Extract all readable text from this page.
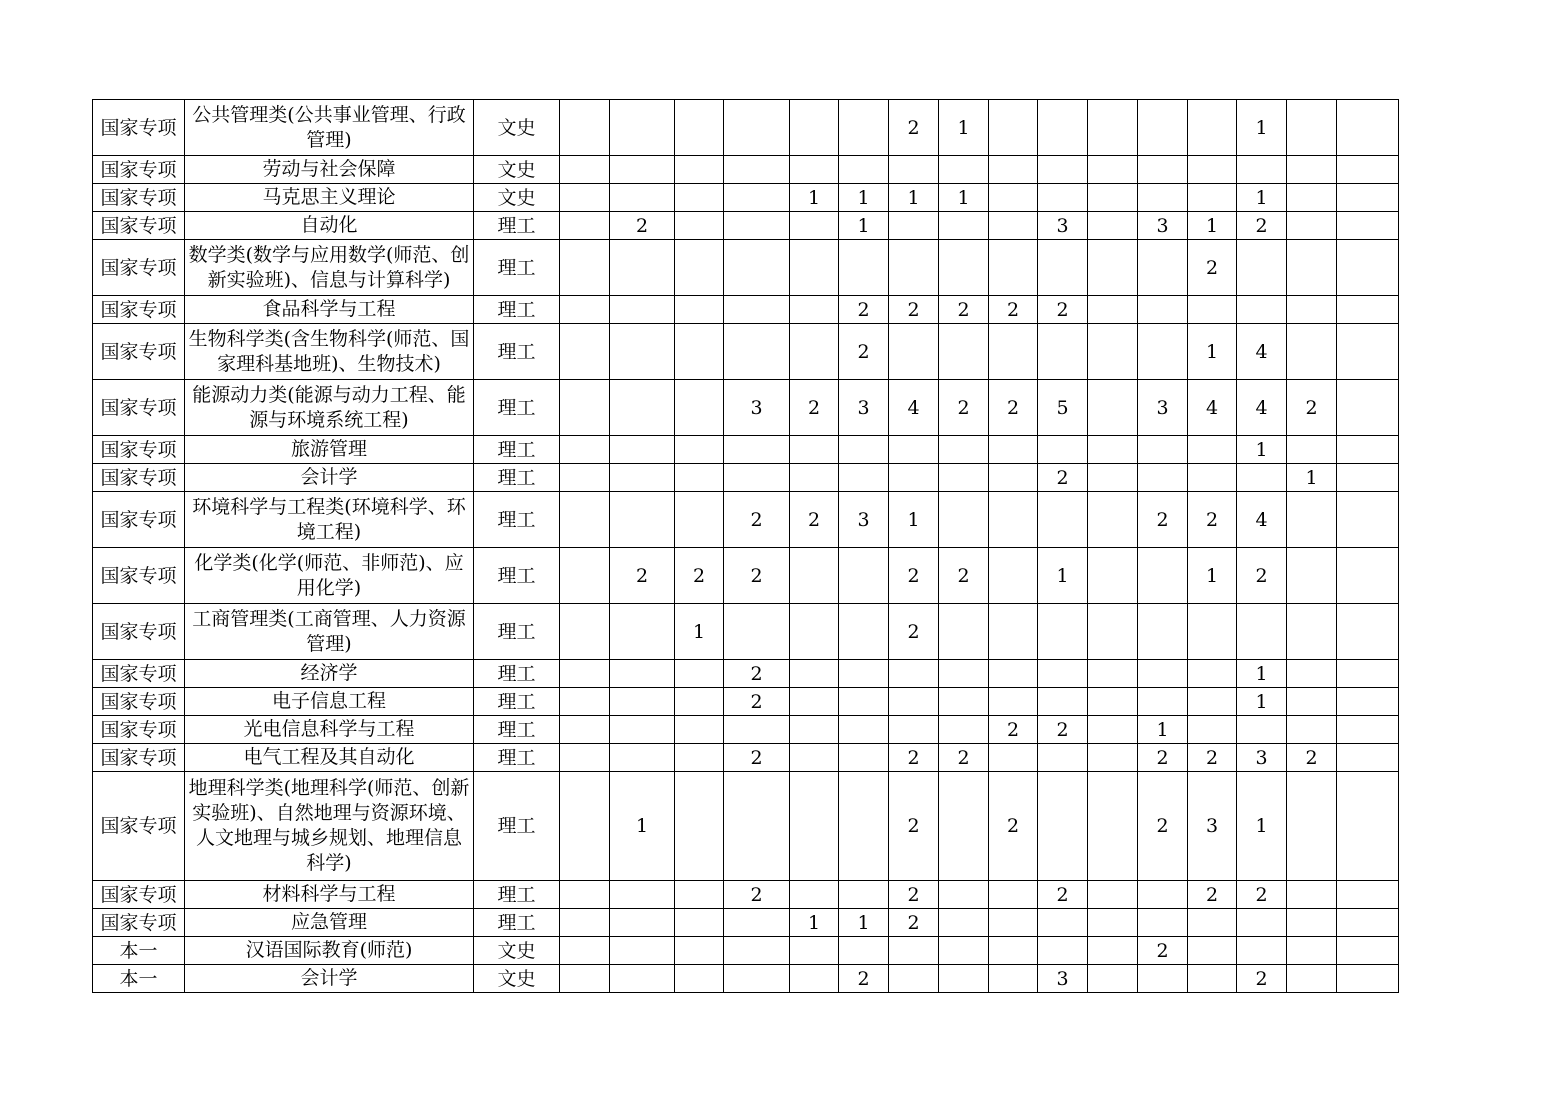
国家专项	公共管理类(公共事业管理、行政管理)	文史							2	1						1		
国家专项	劳动与社会保障	文史																
国家专项	马克思主义理论	文史					1	1	1	1						1		
国家专项	自动化	理工		2				1				3		3	1	2		
国家专项	数学类(数学与应用数学(师范、创新实验班)、信息与计算科学)	理工													2			
国家专项	食品科学与工程	理工						2	2	2	2	2						
国家专项	生物科学类(含生物科学(师范、国家理科基地班)、生物技术)	理工						2							1	4		
国家专项	能源动力类(能源与动力工程、能源与环境系统工程)	理工				3	2	3	4	2	2	5		3	4	4	2	
国家专项	旅游管理	理工														1		
国家专项	会计学	理工										2					1	
国家专项	环境科学与工程类(环境科学、环境工程)	理工				2	2	3	1					2	2	4		
国家专项	化学类(化学(师范、非师范)、应用化学)	理工		2	2	2			2	2		1			1	2		
国家专项	工商管理类(工商管理、人力资源管理)	理工			1				2									
国家专项	经济学	理工				2										1		
国家专项	电子信息工程	理工				2										1		
国家专项	光电信息科学与工程	理工									2	2		1				
国家专项	电气工程及其自动化	理工				2			2	2				2	2	3	2	
国家专项	地理科学类(地理科学(师范、创新实验班)、自然地理与资源环境、人文地理与城乡规划、地理信息科学)	理工		1					2		2			2	3	1		
国家专项	材料科学与工程	理工				2			2			2			2	2		
国家专项	应急管理	理工					1	1	2									
本一	汉语国际教育(师范)	文史												2				
本一	会计学	文史						2				3				2		
